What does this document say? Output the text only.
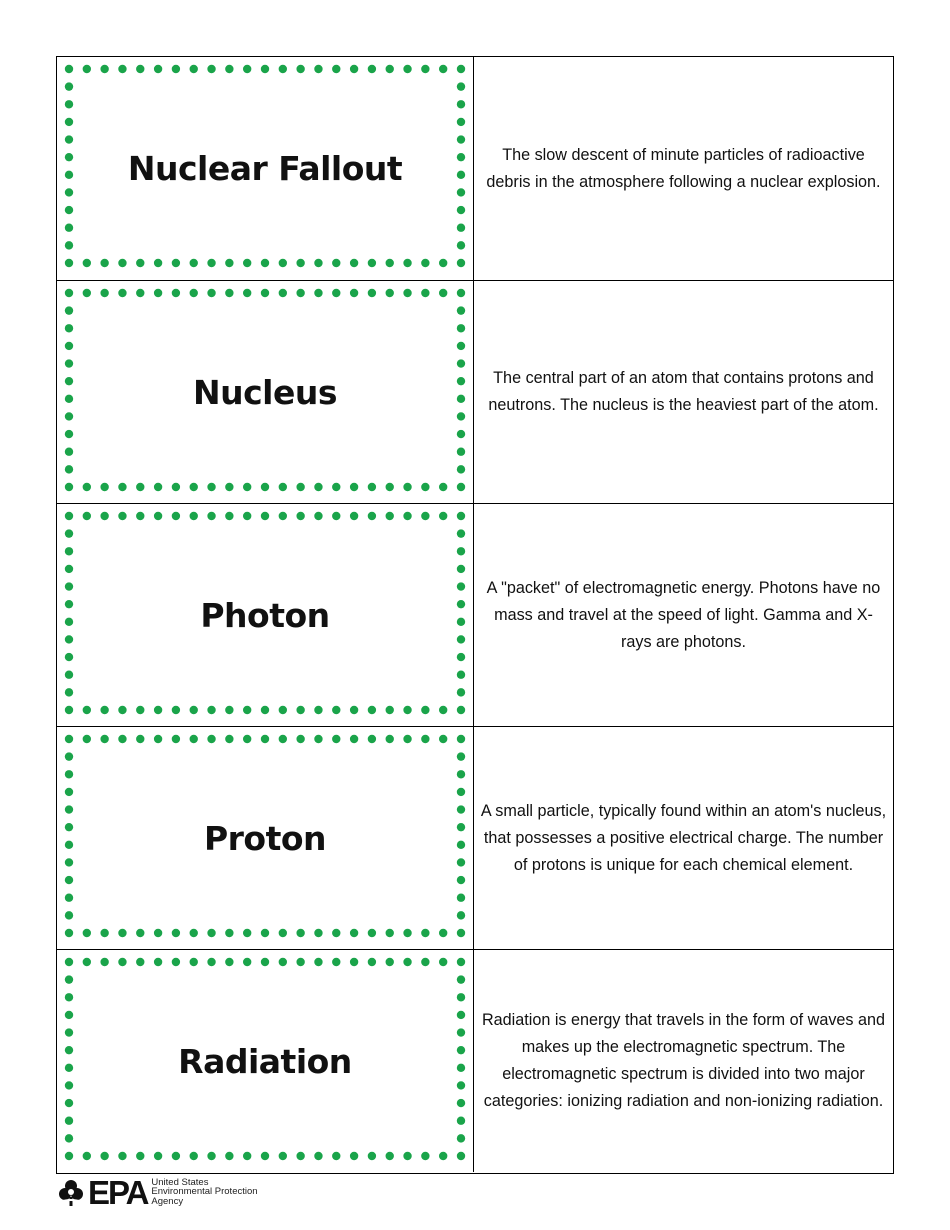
Nuclear Fallout	The slow descent of minute particles of radioactive debris in the atmosphere following a nuclear explosion.
Nucleus	The central part of an atom that contains protons and neutrons. The nucleus is the heaviest part of the atom.
Photon
A "packet" of electromagnetic energy. Photons have no mass and travel at the speed of light. Gamma and X-rays are photons.
Proton
A small particle, typically found within an atom's nucleus, that possesses a positive electrical charge. The number of protons is unique for each chemical element.
Radiation
Radiation is energy that travels in the form of waves and makes up the electromagnetic spectrum. The electromagnetic spectrum is divided into two major categories: ionizing radiation and non-ionizing radiation.
EPA United States
Environmental Protection
Agency
